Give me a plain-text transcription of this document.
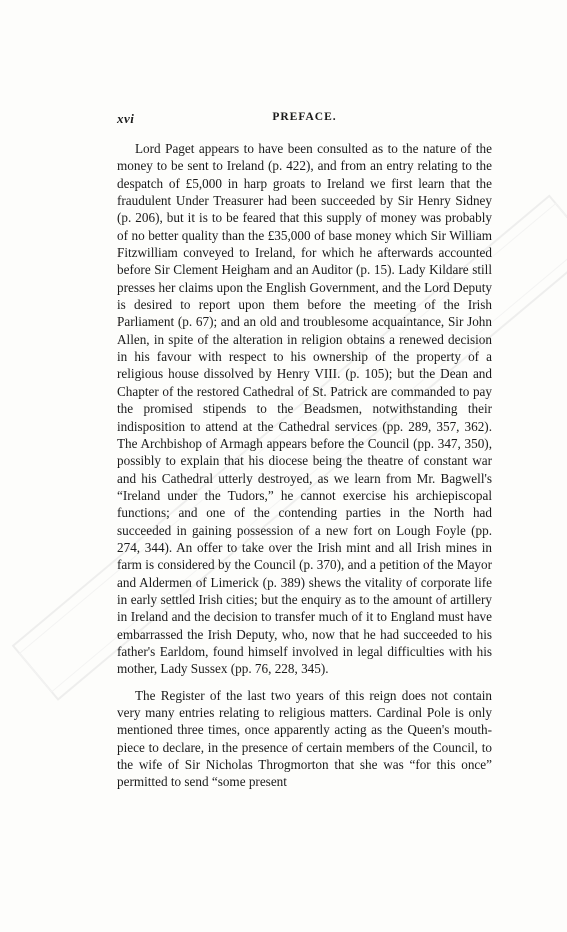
xvi	PREFACE.

Lord Paget appears to have been consulted as to the nature of the money to be sent to Ireland (p. 422), and from an entry relating to the despatch of £5,000 in harp groats to Ireland we first learn that the fraudulent Under Treasurer had been succeeded by Sir Henry Sidney (p. 206), but it is to be feared that this supply of money was probably of no better quality than the £35,000 of base money which Sir William Fitzwilliam conveyed to Ireland, for which he afterwards accounted before Sir Clement Heigham and an Auditor (p. 15). Lady Kildare still presses her claims upon the English Government, and the Lord Deputy is desired to report upon them before the meeting of the Irish Parliament (p. 67); and an old and troublesome acquaintance, Sir John Allen, in spite of the alteration in religion obtains a renewed decision in his favour with respect to his ownership of the property of a religious house dissolved by Henry VIII. (p. 105); but the Dean and Chapter of the restored Cathedral of St. Patrick are commanded to pay the promised stipends to the Beadsmen, notwithstanding their indisposition to attend at the Cathedral services (pp. 289, 357, 362). The Archbishop of Armagh appears before the Council (pp. 347, 350), possibly to explain that his diocese being the theatre of constant war and his Cathedral utterly destroyed, as we learn from Mr. Bagwell's “Ireland under the Tudors,” he cannot exercise his archiepiscopal functions; and one of the contending parties in the North had succeeded in gaining possession of a new fort on Lough Foyle (pp. 274, 344). An offer to take over the Irish mint and all Irish mines in farm is considered by the Council (p. 370), and a petition of the Mayor and Aldermen of Limerick (p. 389) shews the vitality of corporate life in early settled Irish cities; but the enquiry as to the amount of artillery in Ireland and the decision to transfer much of it to England must have embarrassed the Irish Deputy, who, now that he had succeeded to his father's Earldom, found himself involved in legal difficulties with his mother, Lady Sussex (pp. 76, 228, 345).

The Register of the last two years of this reign does not contain very many entries relating to religious matters. Cardinal Pole is only mentioned three times, once apparently acting as the Queen's mouth-piece to declare, in the presence of certain members of the Council, to the wife of Sir Nicholas Throgmorton that she was “for this once” permitted to send “some present
